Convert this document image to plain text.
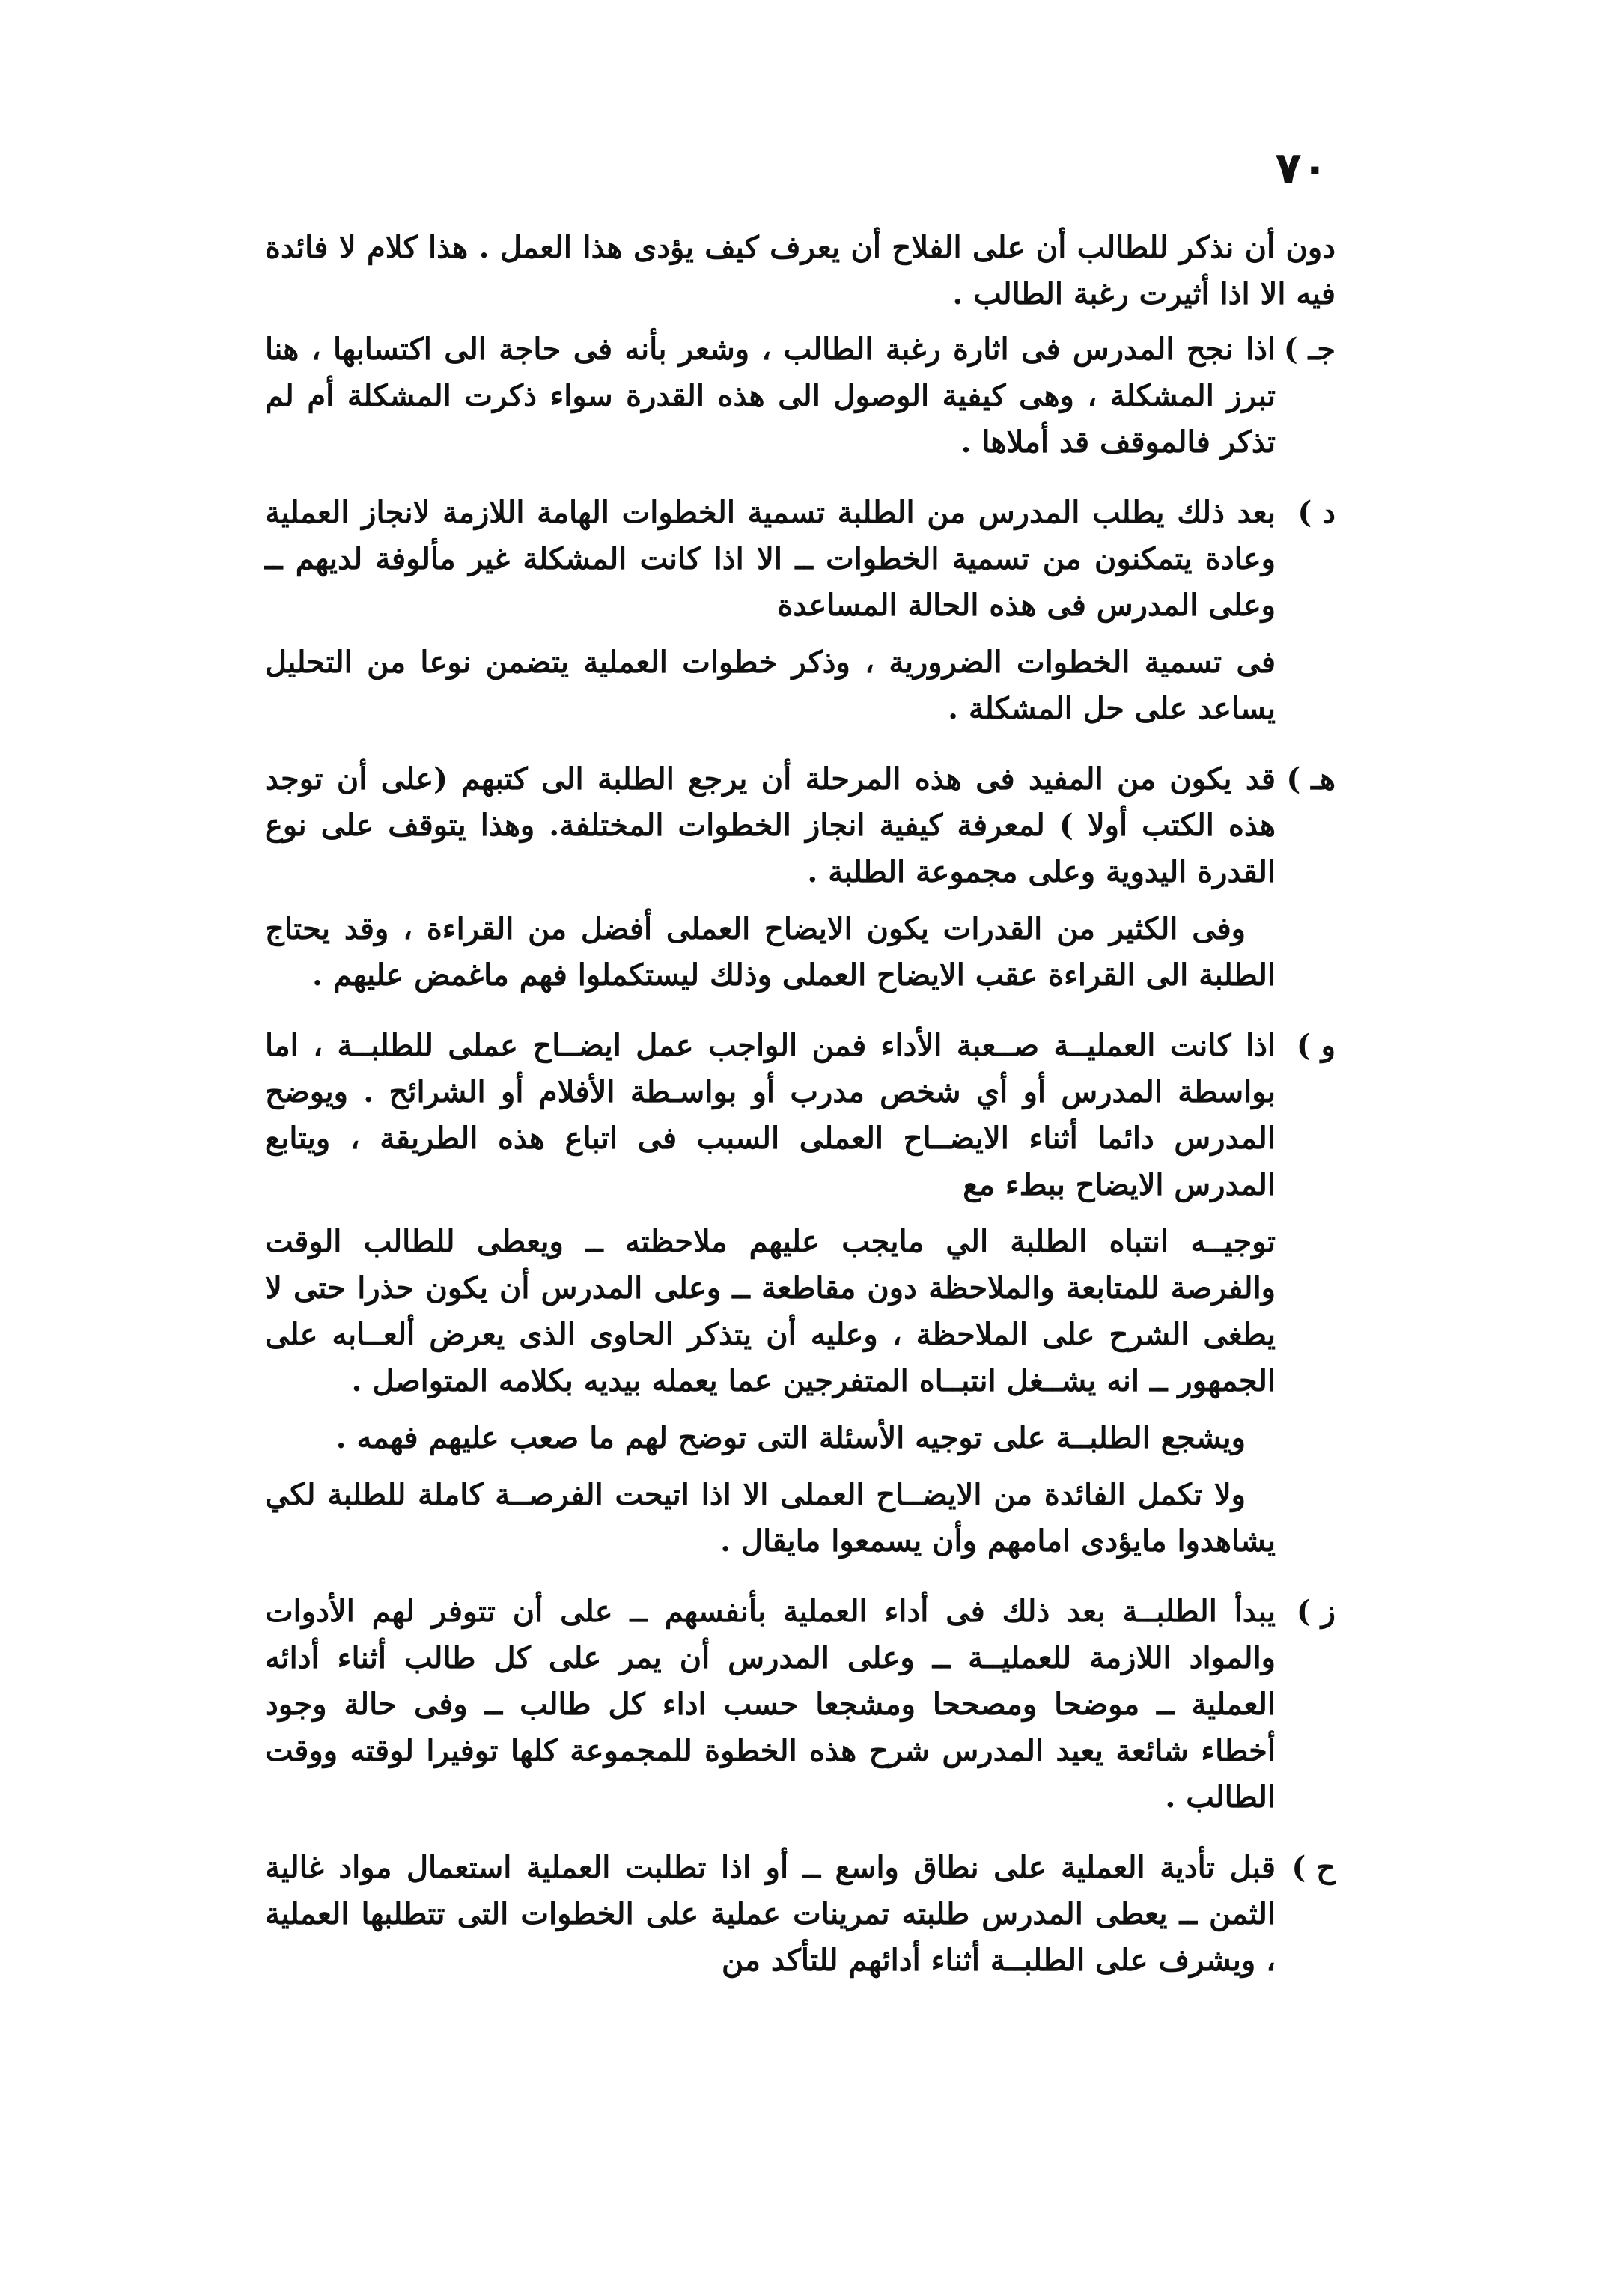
٧٠

دون أن نذكر للطالب أن على الفلاح أن يعرف كيف يؤدى هذا العمل . هذا كلام لا فائدة فيه الا اذا أثيرت رغبة الطالب .

جـ )

اذا نجح المدرس فى اثارة رغبة الطالب ، وشعر بأنه فى حاجة الى اكتسابها ، هنا تبرز المشكلة ، وهى كيفية الوصول الى هذه القدرة سواء ذكرت المشكلة أم لم تذكر فالموقف قد أملاها .

د )

بعد ذلك يطلب المدرس من الطلبة تسمية الخطوات الهامة اللازمة لانجاز العملية وعادة يتمكنون من تسمية الخطوات ــ الا اذا كانت المشكلة غير مألوفة لديهم ــ وعلى المدرس فى هذه الحالة المساعدة

فى تسمية الخطوات الضرورية ، وذكر خطوات العملية يتضمن نوعا من التحليل يساعد على حل المشكلة .

هـ )

قد يكون من المفيد فى هذه المرحلة أن يرجع الطلبة الى كتبهم (على أن توجد هذه الكتب أولا ) لمعرفة كيفية انجاز الخطوات المختلفة. وهذا يتوقف على نوع القدرة اليدوية وعلى مجموعة الطلبة .

وفى الكثير من القدرات يكون الايضاح العملى أفضل من القراءة ، وقد يحتاج الطلبة الى القراءة عقب الايضاح العملى وذلك ليستكملوا فهم ماغمض عليهم .

و )

اذا كانت العمليــة صــعبة الأداء فمن الواجب عمل ايضــاح عملى للطلبــة ، اما بواسطة المدرس أو أي شخص مدرب أو بواسـطة الأفلام أو الشرائح . ويوضح المدرس دائما أثناء الايضــاح العملى السبب فى اتباع هذه الطريقة ، ويتابع المدرس الايضاح ببطء مع

توجيــه انتباه الطلبة الي مايجب عليهم ملاحظته ــ ويعطى للطالب الوقت والفرصة للمتابعة والملاحظة دون مقاطعة ــ وعلى المدرس أن يكون حذرا حتى لا يطغى الشرح على الملاحظة ، وعليه أن يتذكر الحاوى الذى يعرض ألعــابه على الجمهور ــ انه يشــغل انتبــاه المتفرجين عما يعمله بيديه بكلامه المتواصل .

ويشجع الطلبــة على توجيه الأسئلة التى توضح لهم ما صعب عليهم فهمه .

ولا تكمل الفائدة من الايضــاح العملى الا اذا اتيحت الفرصــة كاملة للطلبة لكي يشاهدوا مايؤدى امامهم وأن يسمعوا مايقال .

ز )

يبدأ الطلبــة بعد ذلك فى أداء العملية بأنفسهم ــ على أن تتوفر لهم الأدوات والمواد اللازمة للعمليــة ــ وعلى المدرس أن يمر على كل طالب أثناء أدائه العملية ــ موضحا ومصححا ومشجعا حسب اداء كل طالب ــ وفى حالة وجود أخطاء شائعة يعيد المدرس شرح هذه الخطوة للمجموعة كلها توفيرا لوقته ووقت الطالب .

ح )

قبل تأدية العملية على نطاق واسع ــ أو اذا تطلبت العملية استعمال مواد غالية الثمن ــ يعطى المدرس طلبته تمرينات عملية على الخطوات التى تتطلبها العملية ، ويشرف على الطلبــة أثناء أدائهم للتأكد من
